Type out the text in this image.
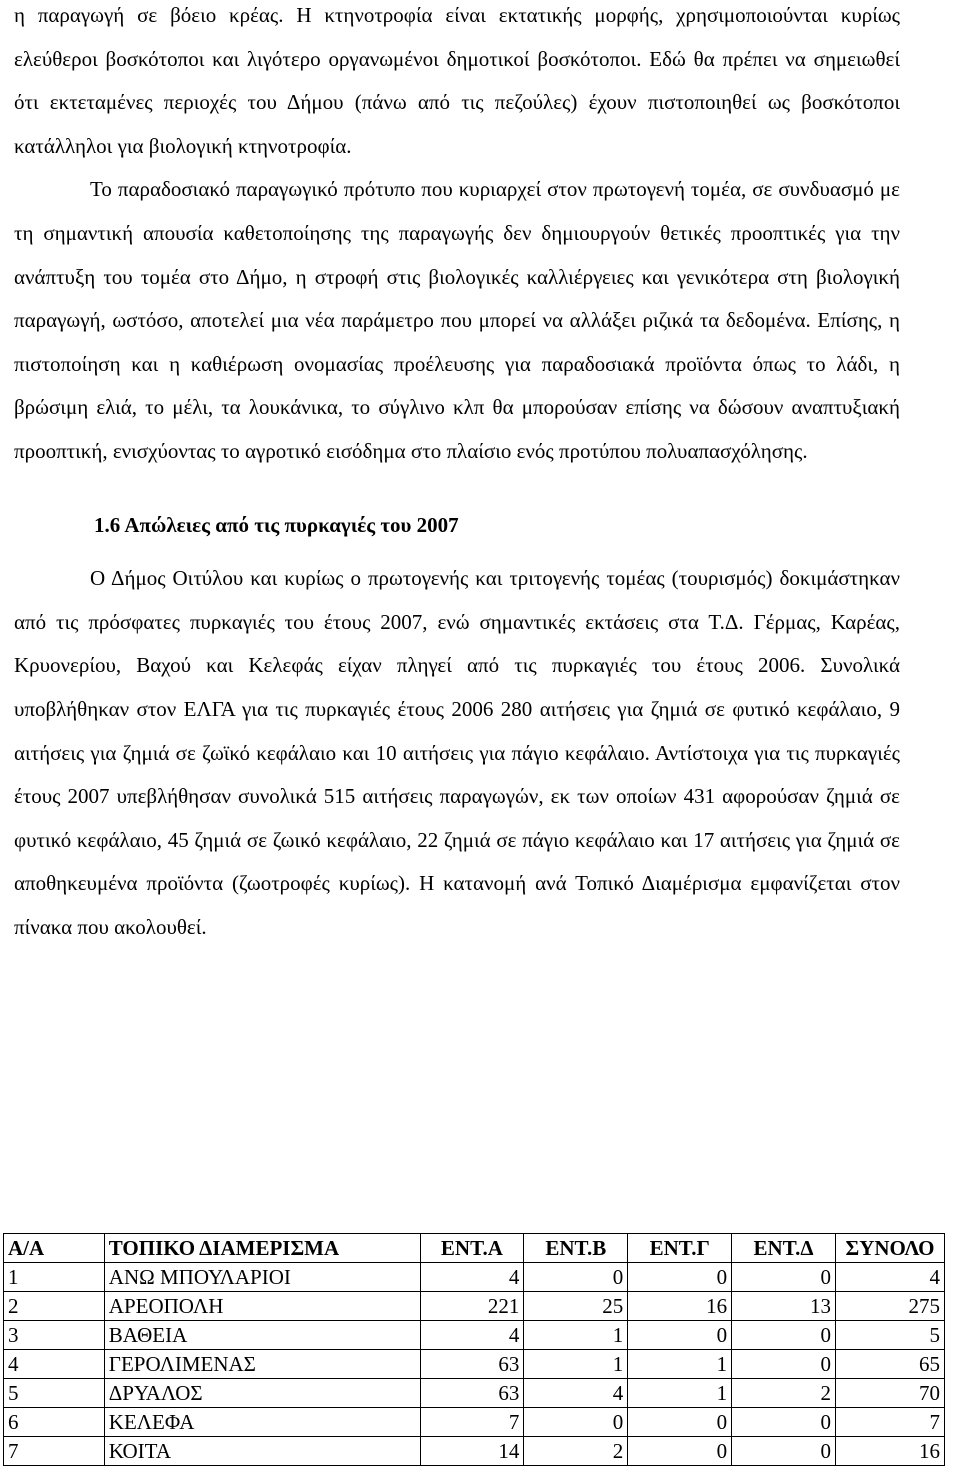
η παραγωγή σε βόειο κρέας. Η κτηνοτροφία είναι εκτατικής μορφής, χρησιμοποιούνται κυρίως ελεύθεροι βοσκότοποι και λιγότερο οργανωμένοι δημοτικοί βοσκότοποι. Εδώ θα πρέπει να σημειωθεί ότι εκτεταμένες περιοχές του Δήμου (πάνω από τις πεζούλες) έχουν πιστοποιηθεί ως βοσκότοποι κατάλληλοι για βιολογική κτηνοτροφία.

Το παραδοσιακό παραγωγικό πρότυπο που κυριαρχεί στον πρωτογενή τομέα, σε συνδυασμό με τη σημαντική απουσία καθετοποίησης της παραγωγής δεν δημιουργούν θετικές προοπτικές για την ανάπτυξη του τομέα στο Δήμο, η στροφή στις βιολογικές καλλιέργειες και γενικότερα στη βιολογική παραγωγή, ωστόσο, αποτελεί μια νέα παράμετρο που μπορεί να αλλάξει ριζικά τα δεδομένα. Επίσης, η πιστοποίηση και η καθιέρωση ονομασίας προέλευσης για παραδοσιακά προϊόντα όπως το λάδι, η βρώσιμη ελιά, το μέλι, τα λουκάνικα, το σύγλινο κλπ θα μπορούσαν επίσης να δώσουν αναπτυξιακή προοπτική, ενισχύοντας το αγροτικό εισόδημα στο πλαίσιο ενός προτύπου πολυαπασχόλησης.

1.6 Απώλειες από τις πυρκαγιές του 2007

Ο Δήμος Οιτύλου και κυρίως ο πρωτογενής και τριτογενής τομέας (τουρισμός) δοκιμάστηκαν από τις πρόσφατες πυρκαγιές του έτους 2007, ενώ σημαντικές εκτάσεις στα Τ.Δ. Γέρμας, Καρέας, Κρυονερίου, Βαχού και Κελεφάς είχαν πληγεί από τις πυρκαγιές του έτους 2006. Συνολικά υποβλήθηκαν στον ΕΛΓΑ για τις πυρκαγιές έτους 2006 280 αιτήσεις για ζημιά σε φυτικό κεφάλαιο, 9 αιτήσεις για ζημιά σε ζωϊκό κεφάλαιο και 10 αιτήσεις για πάγιο κεφάλαιο. Αντίστοιχα για τις πυρκαγιές έτους 2007 υπεβλήθησαν συνολικά 515 αιτήσεις παραγωγών, εκ των οποίων 431 αφορούσαν ζημιά σε φυτικό κεφάλαιο, 45 ζημιά σε ζωικό κεφάλαιο, 22 ζημιά σε πάγιο κεφάλαιο και 17 αιτήσεις για ζημιά σε αποθηκευμένα προϊόντα (ζωοτροφές κυρίως). Η κατανομή ανά Τοπικό Διαμέρισμα εμφανίζεται στον πίνακα που ακολουθεί.

Α/Α	ΤΟΠΙΚΟ ΔΙΑΜΕΡΙΣΜΑ	ΕΝΤ.Α	ΕΝΤ.Β	ΕΝΤ.Γ	ΕΝΤ.Δ	ΣΥΝΟΛΟ
1	ΑΝΩ ΜΠΟΥΛΑΡΙΟΙ	4	0	0	0	4
2	ΑΡΕΟΠΟΛΗ	221	25	16	13	275
3	ΒΑΘΕΙΑ	4	1	0	0	5
4	ΓΕΡΟΛΙΜΕΝΑΣ	63	1	1	0	65
5	ΔΡΥΑΛΟΣ	63	4	1	2	70
6	ΚΕΛΕΦΑ	7	0	0	0	7
7	ΚΟΙΤΑ	14	2	0	0	16
